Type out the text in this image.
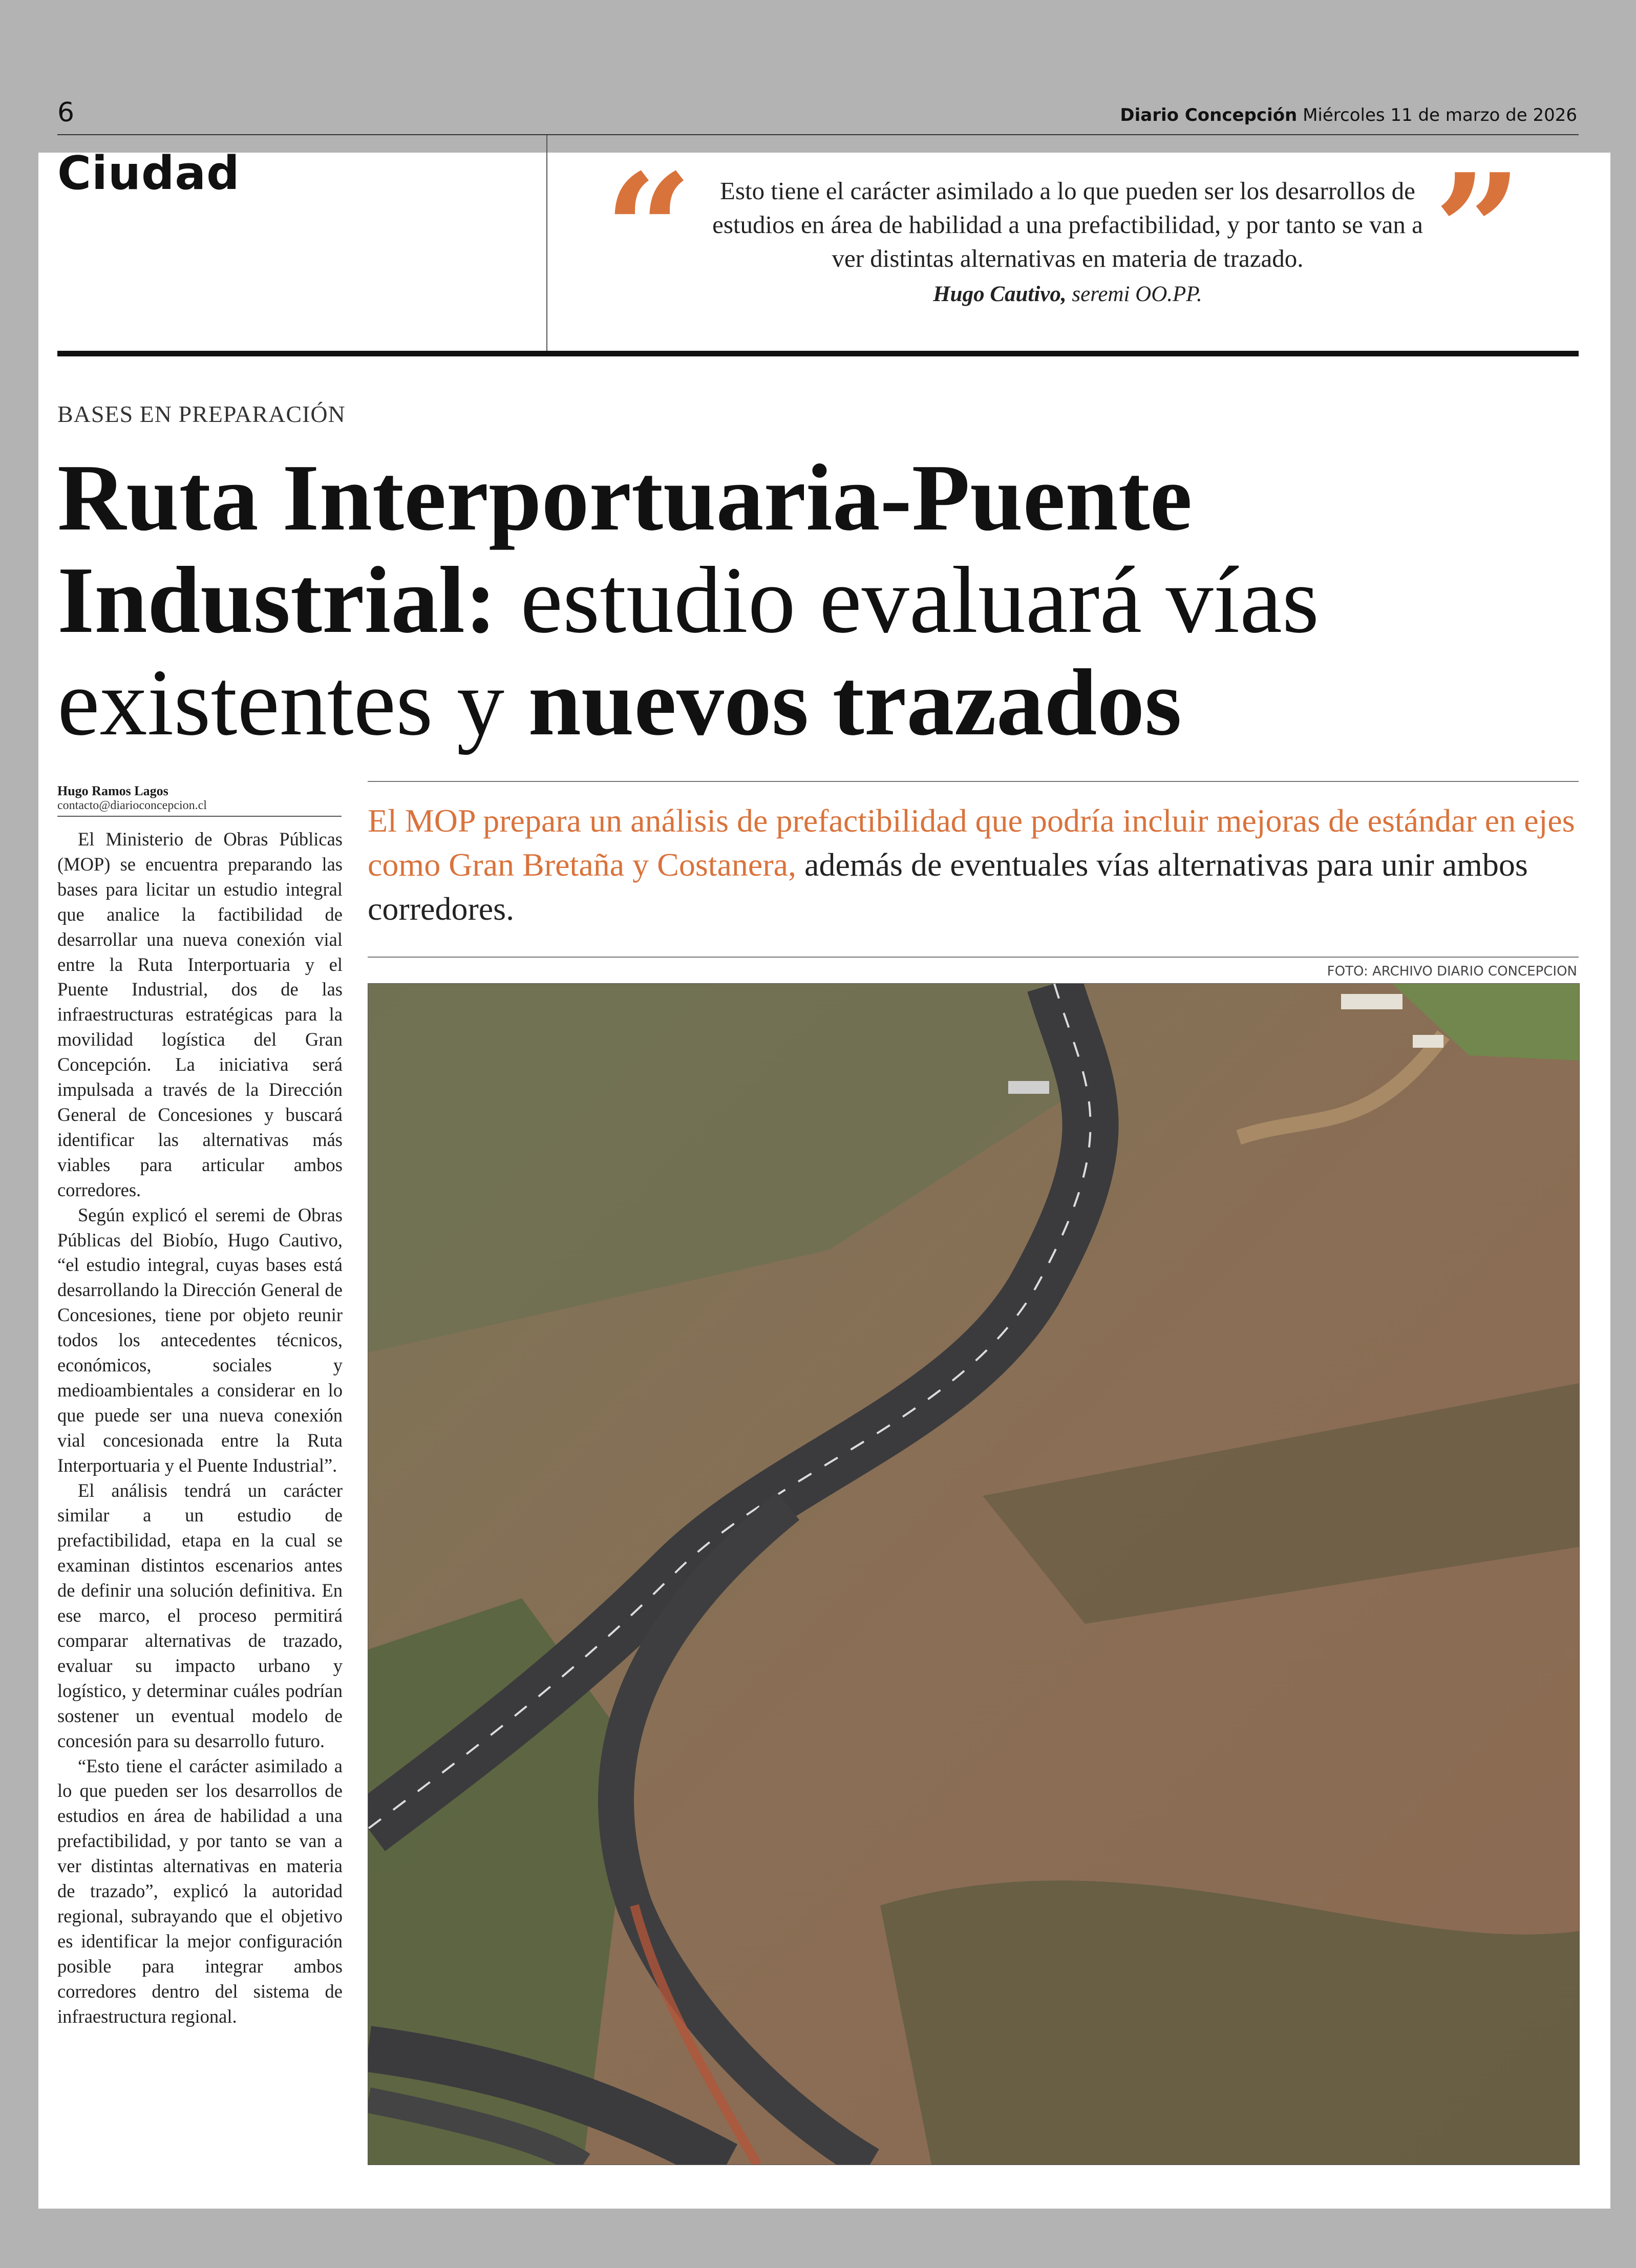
6	Diario Concepción Miércoles 11 de marzo de 2026
Ciudad “	Esto tiene el carácter asimilado a lo que pueden ser los desarrollos de estudios en área de habilidad a una prefactibilidad, y por tanto se van a ver distintas alternativas en materia de trazado.
Hugo Cautivo, seremi OO.PP.	”
BASES EN PREPARACIÓN
Ruta Interportuaria-Puente Industrial: estudio evaluará vías existentes y nuevos trazados
Hugo Ramos Lagos
contacto@diarioconcepcion.cl

El Ministerio de Obras Públicas (MOP) se encuentra preparando las bases para licitar un estudio integral que analice la factibilidad de desarrollar una nueva conexión vial entre la Ruta Interportuaria y el Puente Industrial, dos de las infraestructuras estratégicas para la movilidad logística del Gran Concepción. La iniciativa será impulsada a través de la Dirección General de Concesiones y buscará identificar las alternativas más viables para articular ambos corredores.

Según explicó el seremi de Obras Públicas del Biobío, Hugo Cautivo, “el estudio integral, cuyas bases está desarrollando la Dirección General de Concesiones, tiene por objeto reunir todos los antecedentes técnicos, económicos, sociales y medioambientales a considerar en lo que puede ser una nueva conexión vial concesionada entre la Ruta Interportuaria y el Puente Industrial”.

El análisis tendrá un carácter similar a un estudio de prefactibilidad, etapa en la cual se examinan distintos escenarios antes de definir una solución definitiva. En ese marco, el proceso permitirá comparar alternativas de trazado, evaluar su impacto urbano y logístico, y determinar cuáles podrían sostener un eventual modelo de concesión para su desarrollo futuro.

“Esto tiene el carácter asimilado a lo que pueden ser los desarrollos de estudios en área de habilidad a una prefactibilidad, y por tanto se van a ver distintas alternativas en materia de trazado”, explicó la autoridad regional, subrayando que el objetivo es identificar la mejor configuración posible para integrar ambos corredores dentro del sistema de infraestructura regional.

El MOP prepara un análisis de prefactibilidad que podría incluir mejoras de estándar en ejes como Gran Bretaña y Costanera, además de eventuales vías alternativas para unir ambos corredores.
FOTO: ARCHIVO DIARIO CONCEPCION
